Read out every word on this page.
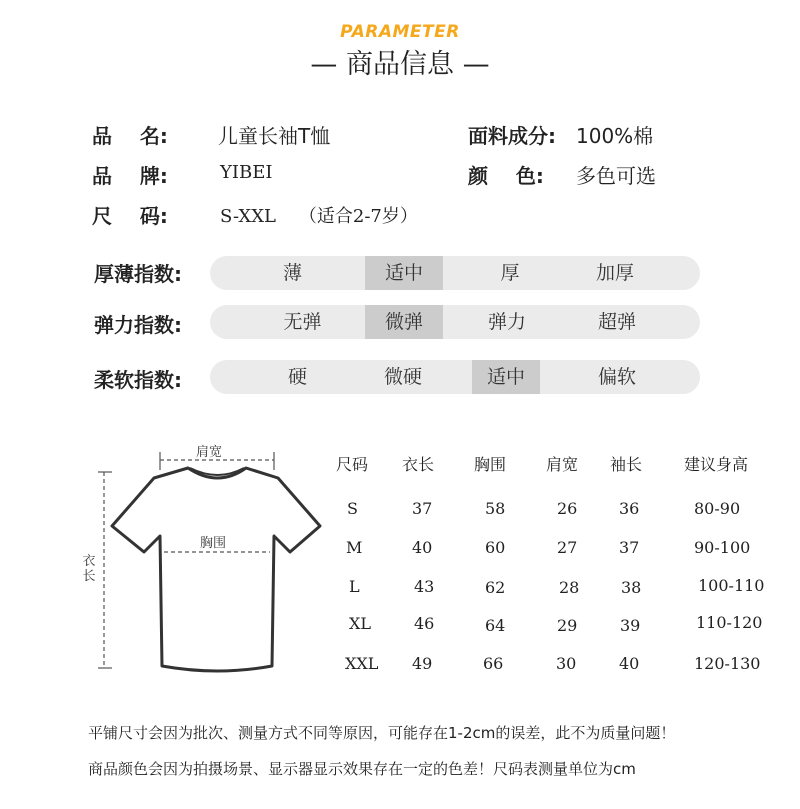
PARAMETER
— 商品信息 —
品    名:	儿童长袖T恤
品    牌:	YIBEI
尺    码:	S-XXL    （适合2-7岁）
面料成分: 100%棉
颜    色: 多色可选
厚薄指数:	薄	适中	厚	加厚
弹力指数:	无弹	微弹	弹力	超弹
柔软指数:	硬	微硬	适中	偏软
肩宽
胸围
衣长
尺码 衣长 胸围 肩宽 袖长	建议身高
S	37	58	26	36	80-90
M	40	60	27	37	90-100
L	43	62	28	38	100-110
XL	46	64	29	39	110-120
XXL 49	66	30	40	120-130
平铺尺寸会因为批次、测量方式不同等原因，可能存在1-2cm的误差，此不为质量问题！
商品颜色会因为拍摄场景、显示器显示效果存在一定的色差！尺码表测量单位为cm
